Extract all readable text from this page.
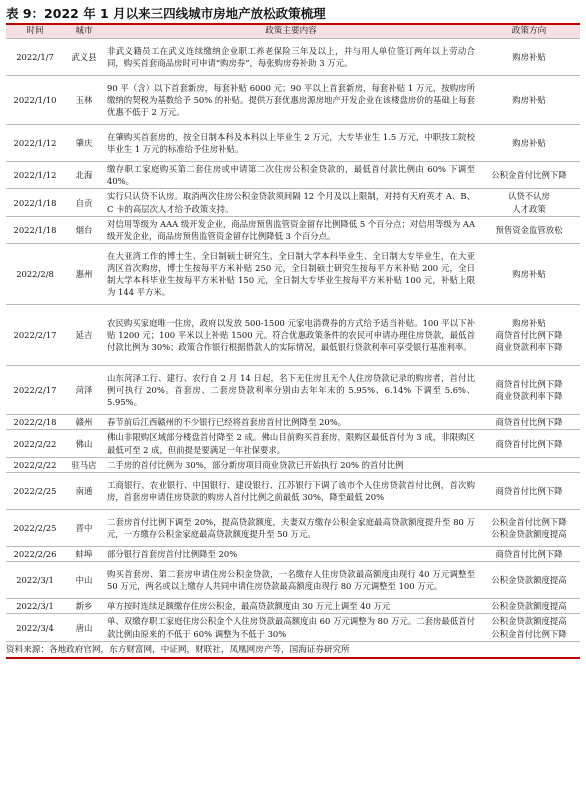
表 9：2022 年 1 月以来三四线城市房地产放松政策梳理
时间	城市	政策主要内容	政策方向
2022/1/7	武义县	非武义籍员工在武义连续缴纳企业职工养老保险三年及以上，并与用人单位签订两年以上劳动合同，购买首套商品房时可申请“购房券”，每张购房券补助 3 万元。	购房补贴
2022/1/10	玉林	90 平（含）以下首套新房，每套补贴 6000 元；90 平以上首套新房，每套补贴 1 万元，按购房所缴纳的契税为基数给予 50% 的补贴。提供万套优惠房源房地产开发企业在该楼盘房价的基础上每套优惠不低于 2 万元。	购房补贴
2022/1/12	肇庆	在肇购买首套房的，按全日制本科及本科以上毕业生 2 万元，大专毕业生 1.5 万元，中职技工院校毕业生 1 万元的标准给予住房补贴。	购房补贴
2022/1/12	北海	缴存职工家庭购买第二套住房或申请第二次住房公积金贷款的，最低首付款比例由 60% 下调至 40%。	公积金首付比例下降
2022/1/18	自贡	实行只认贷不认房。取消两次住房公积金贷款须间隔 12 个月及以上限制，对持有天府英才 A、B、C 卡的高层次人才给予政策支持。	认贷不认房
人才政策

2022/1/18	烟台	对信用等级为 AAA 级开发企业，商品房预售监管资金留存比例降低 5 个百分点；对信用等级为 AA 级开发企业，商品房预售监管资金留存比例降低 3 个百分点。	预售资金监管放松
2022/2/8	惠州	在大亚湾工作的博士生、全日制硕士研究生、全日制大学本科毕业生、全日制大专毕业生，在大亚湾区首次购房，博士生按每平方米补贴 250 元，全日制硕士研究生按每平方米补贴 200 元，全日制大学本科毕业生按每平方米补贴 150 元，全日制大专毕业生按每平方米补贴 100 元，补贴上限为 144 平方米。	购房补贴
2022/2/17	延吉	农民购买家庭唯一住房，政府以发放 500-1500 元家电消费券的方式给予适当补贴。100 平以下补贴 1200 元；100 平米以上补贴 1500 元。符合优惠政策条件的农民可申请办理住房贷款，最低首付款比例为 30%；政策合作银行根据借款人的实际情况，最低银行贷款利率可享受银行基准利率。	购房补贴
商贷首付比例下降
商业贷款利率下降

2022/2/17	菏泽	山东菏泽工行、建行、农行自 2 月 14 日起，名下无住房且无个人住房贷款记录的购房者，首付比例可执行 20%。首套房、二套房贷款利率分别由去年年末的 5.95%、6.14% 下调至 5.6%、5.95%。	商贷首付比例下降
商业贷款利率下降

2022/2/18	赣州	春节前后江西赣州的不少银行已经将首套房首付比例降至 20%。	商贷首付比例下降
2022/2/22	佛山	佛山非限购区域部分楼盘首付降至 2 成。佛山目前购买首套房，限购区最低首付为 3 成，非限购区最低可至 2 成，但前提是要满足一年社保要求。	商贷首付比例下降
2022/2/22	驻马店	二手房的首付比例为 30%，部分新房项目商业贷款已开始执行 20% 的首付比例	
2022/2/25	南通	工商银行、农业银行、中国银行、建设银行、江苏银行下调了该市个人住房贷款首付比例，首次购房，首套房申请住房贷款的购房人首付比例之前最低 30%，降至最低 20%	商贷首付比例下降
2022/2/25	晋中	二套房首付比例下调至 20%，提高贷款额度，夫妻双方缴存公积金家庭最高贷款额度提升至 80 万元，一方缴存公积金家庭最高贷款额度提升至 50 万元。	公积金首付比例下降
公积金贷款额度提高

2022/2/26	蚌埠	部分银行首套房首付比例降至 20%	商贷首付比例下降
2022/3/1	中山	购买首套房、第二套房申请住房公积金贷款，一名缴存人住房贷款最高额度由现行 40 万元调整至 50 万元，两名或以上缴存人共同申请住房贷款最高额度由现行 80 万元调整至 100 万元。	公积金贷款额度提高
2022/3/1	新乡	单方按时连续足额缴存住房公积金，最高贷款额度由 30 万元上调至 40 万元	公积金贷款额度提高
2022/3/4	唐山	单、双缴存职工家庭住房公积金个人住房贷款最高额度由 60 万元调整为 80 万元。二套房最低首付款比例由原来的不低于 60% 调整为不低于 30%	公积金贷款额度提高
公积金首付比例下降
资料来源：各地政府官网，东方财富网，中证网，财联社，凤凰网房产等，国海证券研究所
